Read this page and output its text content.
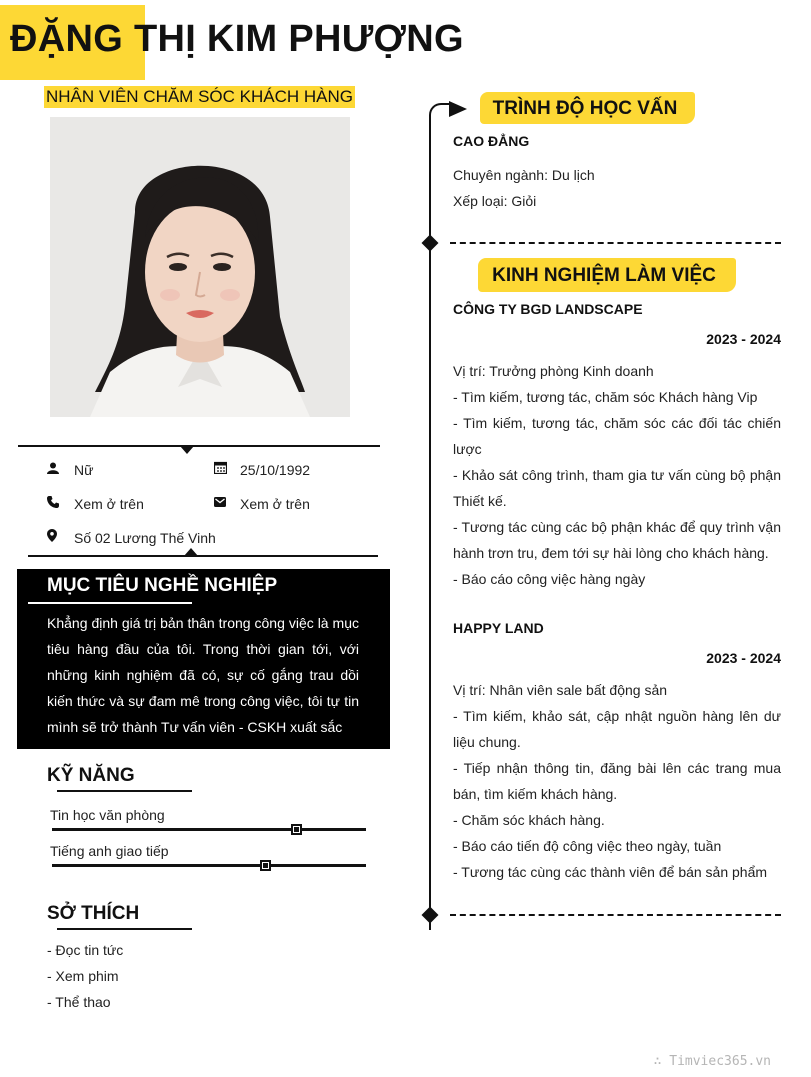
ĐẶNG THỊ KIM PHƯỢNG
NHÂN VIÊN CHĂM SÓC KHÁCH HÀNG
Nữ	25/10/1992
Xem ở trên	Xem ở trên
Số 02 Lương Thế Vinh
MỤC TIÊU NGHỀ NGHIỆP
Khẳng định giá trị bản thân trong công việc là mục tiêu hàng đầu của tôi. Trong thời gian tới, với những kinh nghiệm đã có, sự cố gắng trau dồi kiến thức và sự đam mê trong công việc, tôi tự tin mình sẽ trở thành Tư vấn viên - CSKH xuất sắc
KỸ NĂNG
Tin học văn phòng
Tiếng anh giao tiếp
SỞ THÍCH
- Đọc tin tức
- Xem phim
- Thể thao
TRÌNH ĐỘ HỌC VẤN
CAO ĐẲNG
Chuyên ngành: Du lịch
Xếp loại: Giỏi
KINH NGHIỆM LÀM VIỆC
CÔNG TY BGD LANDSCAPE
2023 - 2024
Vị trí: Trưởng phòng Kinh doanh
- Tìm kiếm, tương tác, chăm sóc Khách hàng Vip
- Tìm kiếm, tương tác, chăm sóc các đối tác chiến lược
- Khảo sát công trình, tham gia tư vấn cùng bộ phận Thiết kế.
- Tương tác cùng các bộ phận khác để quy trình vận hành trơn tru, đem tới sự hài lòng cho khách hàng.
- Báo cáo công việc hàng ngày
HAPPY LAND
2023 - 2024
Vị trí: Nhân viên sale bất động sản
- Tìm kiếm, khảo sát, cập nhật nguồn hàng lên dư liệu chung.
- Tiếp nhận thông tin, đăng bài lên các trang mua bán, tìm kiếm khách hàng.
- Chăm sóc khách hàng.
- Báo cáo tiến độ công việc theo ngày, tuần
- Tương tác cùng các thành viên để bán sản phẩm
∴ Timviec365.vn
